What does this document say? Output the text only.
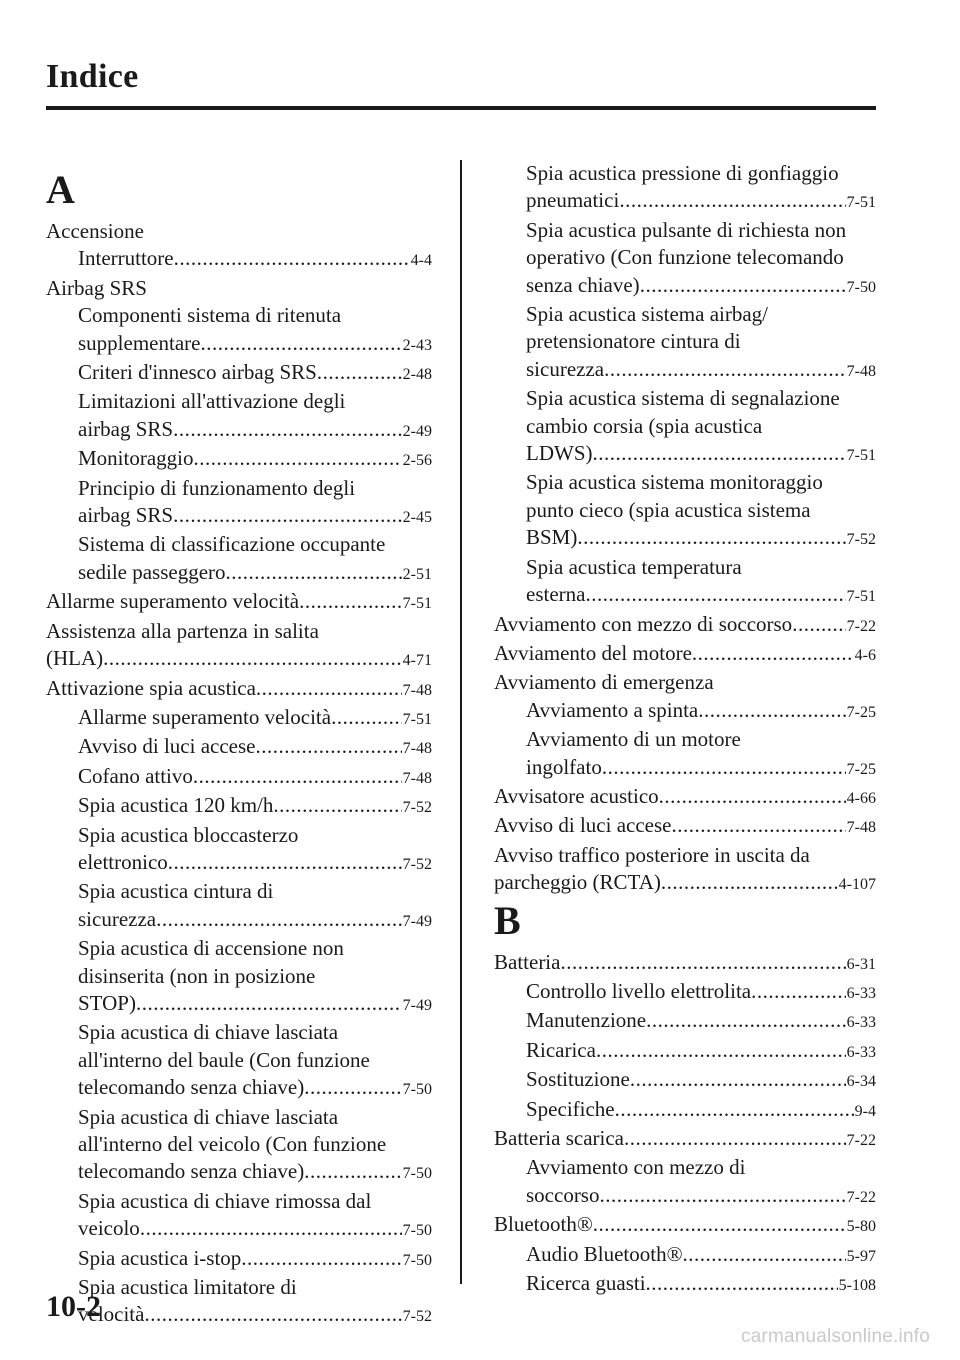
Indice
A
Accensione
Interruttore .....	4-4
Airbag SRS
Componenti sistema di ritenuta
supplementare .....	2-43
Criteri d'innesco airbag SRS .....	2-48
Limitazioni all'attivazione degli
airbag SRS .....	2-49
Monitoraggio .....	2-56
Principio di funzionamento degli
airbag SRS .....	2-45
Sistema di classificazione occupante
sedile passeggero .....	2-51
Allarme superamento velocità .....	7-51
Assistenza alla partenza in salita
(HLA) .....	4-71
Attivazione spia acustica .....	7-48
Allarme superamento velocità .....	7-51
Avviso di luci accese .....	7-48
Cofano attivo .....	7-48
Spia acustica 120 km/h .....	7-52
Spia acustica bloccasterzo
elettronico .....	7-52
Spia acustica cintura di
sicurezza .....	7-49
Spia acustica di accensione non
disinserita (non in posizione
STOP) .....	7-49
Spia acustica di chiave lasciata
all'interno del baule (Con funzione
telecomando senza chiave) .....	7-50
Spia acustica di chiave lasciata
all'interno del veicolo (Con funzione
telecomando senza chiave) .....	7-50
Spia acustica di chiave rimossa dal
veicolo .....	7-50
Spia acustica i-stop .....	7-50
Spia acustica limitatore di
velocità .....	7-52
Spia acustica pressione di gonfiaggio
pneumatici .....	7-51
Spia acustica pulsante di richiesta non
operativo (Con funzione telecomando
senza chiave) .....	7-50
Spia acustica sistema airbag/
pretensionatore cintura di
sicurezza .....	7-48
Spia acustica sistema di segnalazione
cambio corsia (spia acustica
LDWS) .....	7-51
Spia acustica sistema monitoraggio
punto cieco (spia acustica sistema
BSM) .....	7-52
Spia acustica temperatura
esterna .....	7-51
Avviamento con mezzo di soccorso .....	7-22
Avviamento del motore .....	4-6
Avviamento di emergenza
Avviamento a spinta .....	7-25
Avviamento di un motore
ingolfato .....	7-25
Avvisatore acustico .....	4-66
Avviso di luci accese .....	7-48
Avviso traffico posteriore in uscita da
parcheggio (RCTA) .....	4-107
B
Batteria .....	6-31
Controllo livello elettrolita .....	6-33
Manutenzione .....	6-33
Ricarica .....	6-33
Sostituzione .....	6-34
Specifiche .....	9-4
Batteria scarica .....	7-22
Avviamento con mezzo di
soccorso .....	7-22
Bluetooth® .....	5-80
Audio Bluetooth® .....	5-97
Ricerca guasti .....	5-108
10-2
carmanualsonline.info
